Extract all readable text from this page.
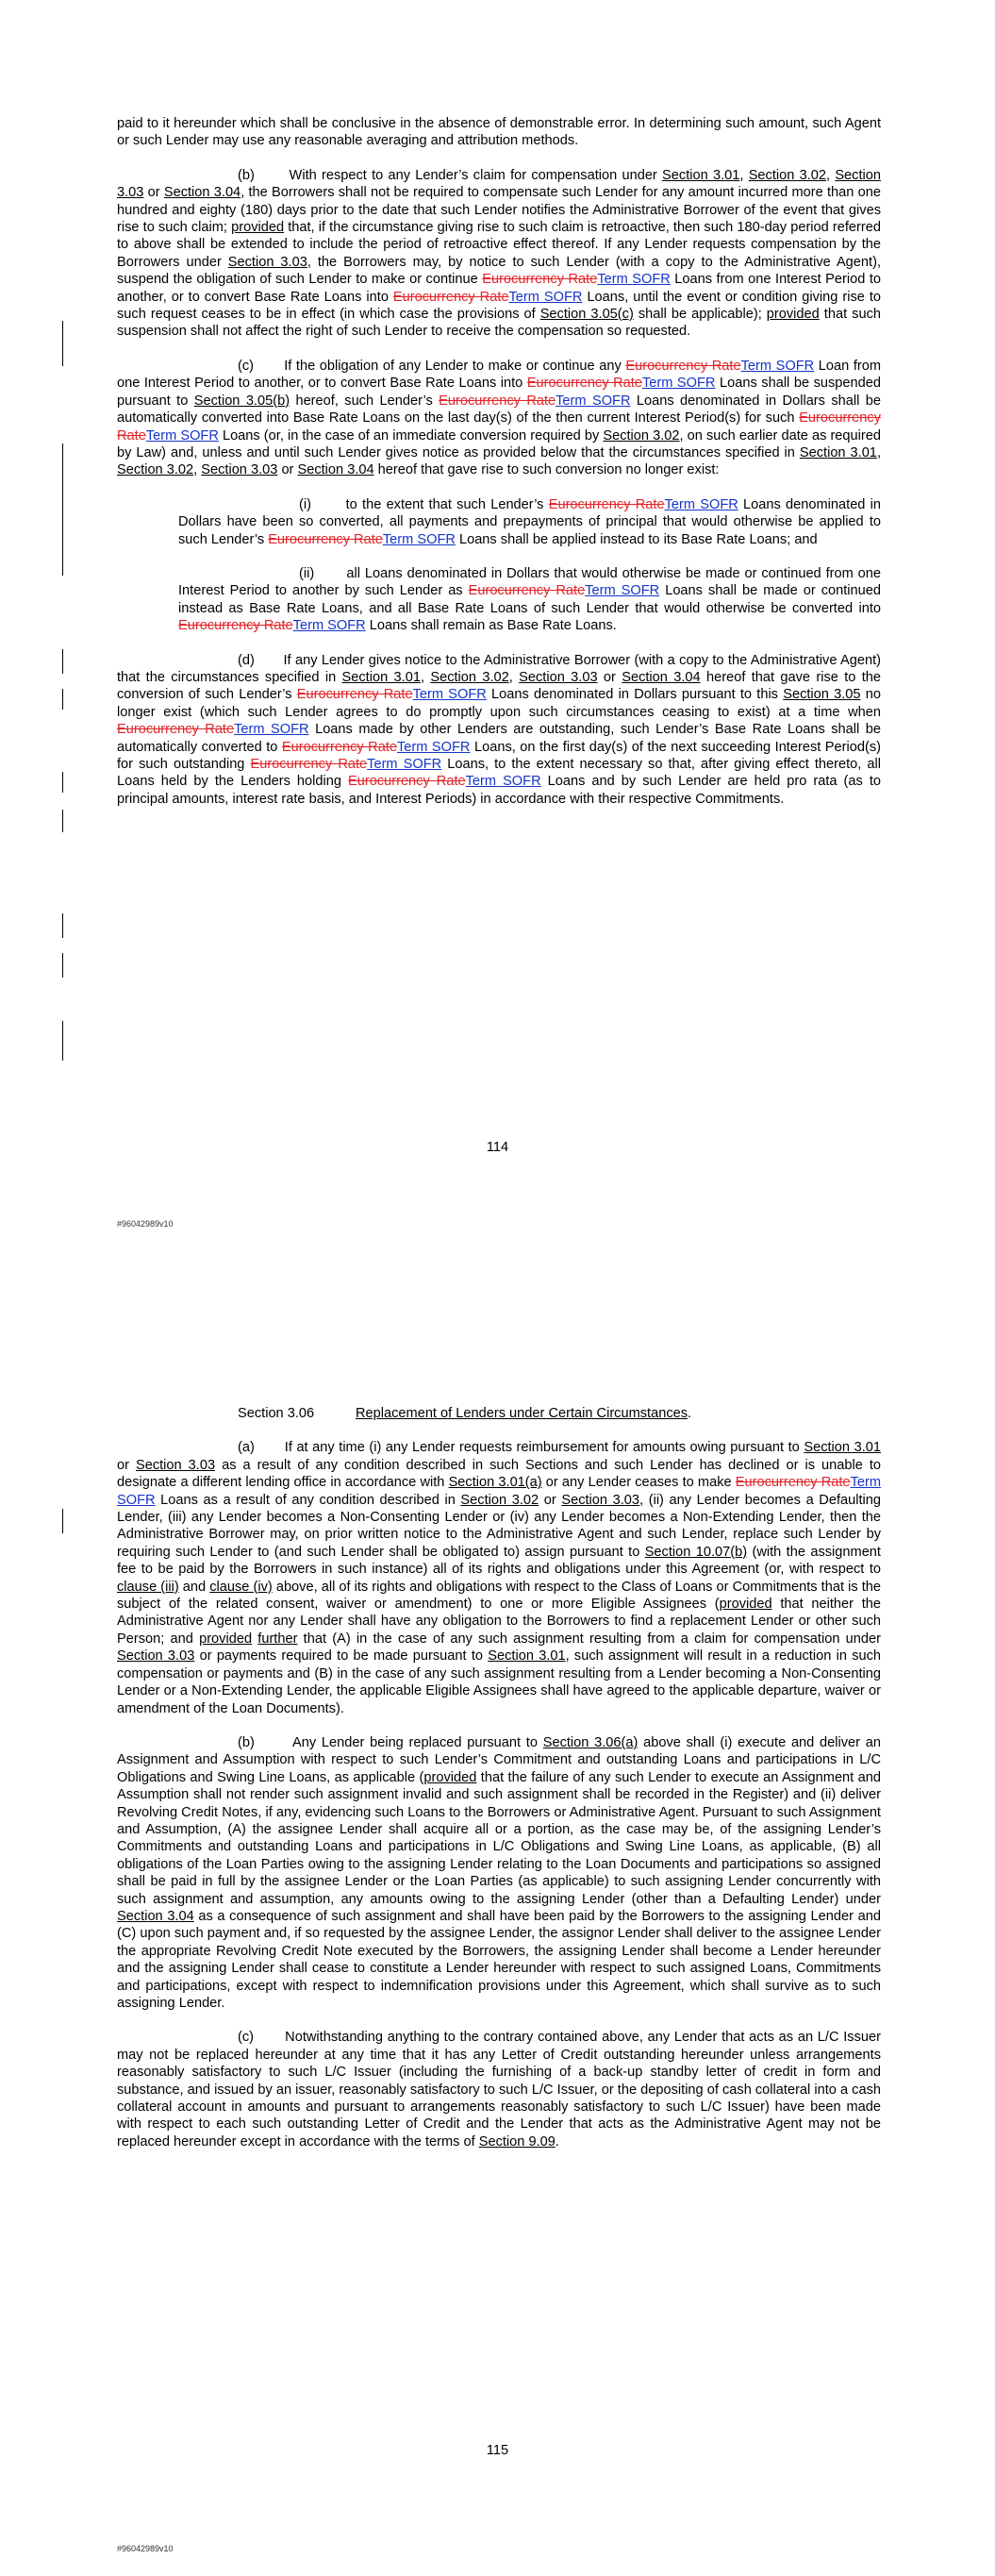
paid to it hereunder which shall be conclusive in the absence of demonstrable error. In determining such amount, such Agent or such Lender may use any reasonable averaging and attribution methods.

(b)       With respect to any Lender’s claim for compensation under Section 3.01, Section 3.02, Section 3.03 or Section 3.04, the Borrowers shall not be required to compensate such Lender for any amount incurred more than one hundred and eighty (180) days prior to the date that such Lender notifies the Administrative Borrower of the event that gives rise to such claim; provided that, if the circumstance giving rise to such claim is retroactive, then such 180-day period referred to above shall be extended to include the period of retroactive effect thereof. If any Lender requests compensation by the Borrowers under Section 3.03, the Borrowers may, by notice to such Lender (with a copy to the Administrative Agent), suspend the obligation of such Lender to make or continue Eurocurrency RateTerm SOFR Loans from one Interest Period to another, or to convert Base Rate Loans into Eurocurrency RateTerm SOFR Loans, until the event or condition giving rise to such request ceases to be in effect (in which case the provisions of Section 3.05(c) shall be applicable); provided that such suspension shall not affect the right of such Lender to receive the compensation so requested.

(c)       If the obligation of any Lender to make or continue any Eurocurrency RateTerm SOFR Loan from one Interest Period to another, or to convert Base Rate Loans into Eurocurrency RateTerm SOFR Loans shall be suspended pursuant to Section 3.05(b) hereof, such Lender’s Eurocurrency RateTerm SOFR Loans denominated in Dollars shall be automatically converted into Base Rate Loans on the last day(s) of the then current Interest Period(s) for such Eurocurrency RateTerm SOFR Loans (or, in the case of an immediate conversion required by Section 3.02, on such earlier date as required by Law) and, unless and until such Lender gives notice as provided below that the circumstances specified in Section 3.01, Section 3.02, Section 3.03 or Section 3.04 hereof that gave rise to such conversion no longer exist:

(i)       to the extent that such Lender’s Eurocurrency RateTerm SOFR Loans denominated in Dollars have been so converted, all payments and prepayments of principal that would otherwise be applied to such Lender’s Eurocurrency RateTerm SOFR Loans shall be applied instead to its Base Rate Loans; and

(ii)       all Loans denominated in Dollars that would otherwise be made or continued from one Interest Period to another by such Lender as Eurocurrency RateTerm SOFR Loans shall be made or continued instead as Base Rate Loans, and all Base Rate Loans of such Lender that would otherwise be converted into Eurocurrency RateTerm SOFR Loans shall remain as Base Rate Loans.

(d)       If any Lender gives notice to the Administrative Borrower (with a copy to the Administrative Agent) that the circumstances specified in Section 3.01, Section 3.02, Section 3.03 or Section 3.04 hereof that gave rise to the conversion of such Lender’s Eurocurrency RateTerm SOFR Loans denominated in Dollars pursuant to this Section 3.05 no longer exist (which such Lender agrees to do promptly upon such circumstances ceasing to exist) at a time when Eurocurrency RateTerm SOFR Loans made by other Lenders are outstanding, such Lender’s Base Rate Loans shall be automatically converted to Eurocurrency RateTerm SOFR Loans, on the first day(s) of the next succeeding Interest Period(s) for such outstanding Eurocurrency RateTerm SOFR Loans, to the extent necessary so that, after giving effect thereto, all Loans held by the Lenders holding Eurocurrency RateTerm SOFR Loans and by such Lender are held pro rata (as to principal amounts, interest rate basis, and Interest Periods) in accordance with their respective Commitments.

114
#96042989v10
Section 3.06	Replacement of Lenders under Certain Circumstances.

(a)       If at any time (i) any Lender requests reimbursement for amounts owing pursuant to Section 3.01 or Section 3.03 as a result of any condition described in such Sections and such Lender has declined or is unable to designate a different lending office in accordance with Section 3.01(a) or any Lender ceases to make Eurocurrency RateTerm SOFR Loans as a result of any condition described in Section 3.02 or Section 3.03, (ii) any Lender becomes a Defaulting Lender, (iii) any Lender becomes a Non-Consenting Lender or (iv) any Lender becomes a Non-Extending Lender, then the Administrative Borrower may, on prior written notice to the Administrative Agent and such Lender, replace such Lender by requiring such Lender to (and such Lender shall be obligated to) assign pursuant to Section 10.07(b) (with the assignment fee to be paid by the Borrowers in such instance) all of its rights and obligations under this Agreement (or, with respect to clause (iii) and clause (iv) above, all of its rights and obligations with respect to the Class of Loans or Commitments that is the subject of the related consent, waiver or amendment) to one or more Eligible Assignees (provided that neither the Administrative Agent nor any Lender shall have any obligation to the Borrowers to find a replacement Lender or other such Person; and provided further that (A) in the case of any such assignment resulting from a claim for compensation under Section 3.03 or payments required to be made pursuant to Section 3.01, such assignment will result in a reduction in such compensation or payments and (B) in the case of any such assignment resulting from a Lender becoming a Non-Consenting Lender or a Non-Extending Lender, the applicable Eligible Assignees shall have agreed to the applicable departure, waiver or amendment of the Loan Documents).

(b)       Any Lender being replaced pursuant to Section 3.06(a) above shall (i) execute and deliver an Assignment and Assumption with respect to such Lender’s Commitment and outstanding Loans and participations in L/C Obligations and Swing Line Loans, as applicable (provided that the failure of any such Lender to execute an Assignment and Assumption shall not render such assignment invalid and such assignment shall be recorded in the Register) and (ii) deliver Revolving Credit Notes, if any, evidencing such Loans to the Borrowers or Administrative Agent. Pursuant to such Assignment and Assumption, (A) the assignee Lender shall acquire all or a portion, as the case may be, of the assigning Lender’s Commitments and outstanding Loans and participations in L/C Obligations and Swing Line Loans, as applicable, (B) all obligations of the Loan Parties owing to the assigning Lender relating to the Loan Documents and participations so assigned shall be paid in full by the assignee Lender or the Loan Parties (as applicable) to such assigning Lender concurrently with such assignment and assumption, any amounts owing to the assigning Lender (other than a Defaulting Lender) under Section 3.04 as a consequence of such assignment and shall have been paid by the Borrowers to the assigning Lender and (C) upon such payment and, if so requested by the assignee Lender, the assignor Lender shall deliver to the assignee Lender the appropriate Revolving Credit Note executed by the Borrowers, the assigning Lender shall become a Lender hereunder and the assigning Lender shall cease to constitute a Lender hereunder with respect to such assigned Loans, Commitments and participations, except with respect to indemnification provisions under this Agreement, which shall survive as to such assigning Lender.

(c)       Notwithstanding anything to the contrary contained above, any Lender that acts as an L/C Issuer may not be replaced hereunder at any time that it has any Letter of Credit outstanding hereunder unless arrangements reasonably satisfactory to such L/C Issuer (including the furnishing of a back-up standby letter of credit in form and substance, and issued by an issuer, reasonably satisfactory to such L/C Issuer, or the depositing of cash collateral into a cash collateral account in amounts and pursuant to arrangements reasonably satisfactory to such L/C Issuer) have been made with respect to each such outstanding Letter of Credit and the Lender that acts as the Administrative Agent may not be replaced hereunder except in accordance with the terms of Section 9.09.

115
#96042989v10
